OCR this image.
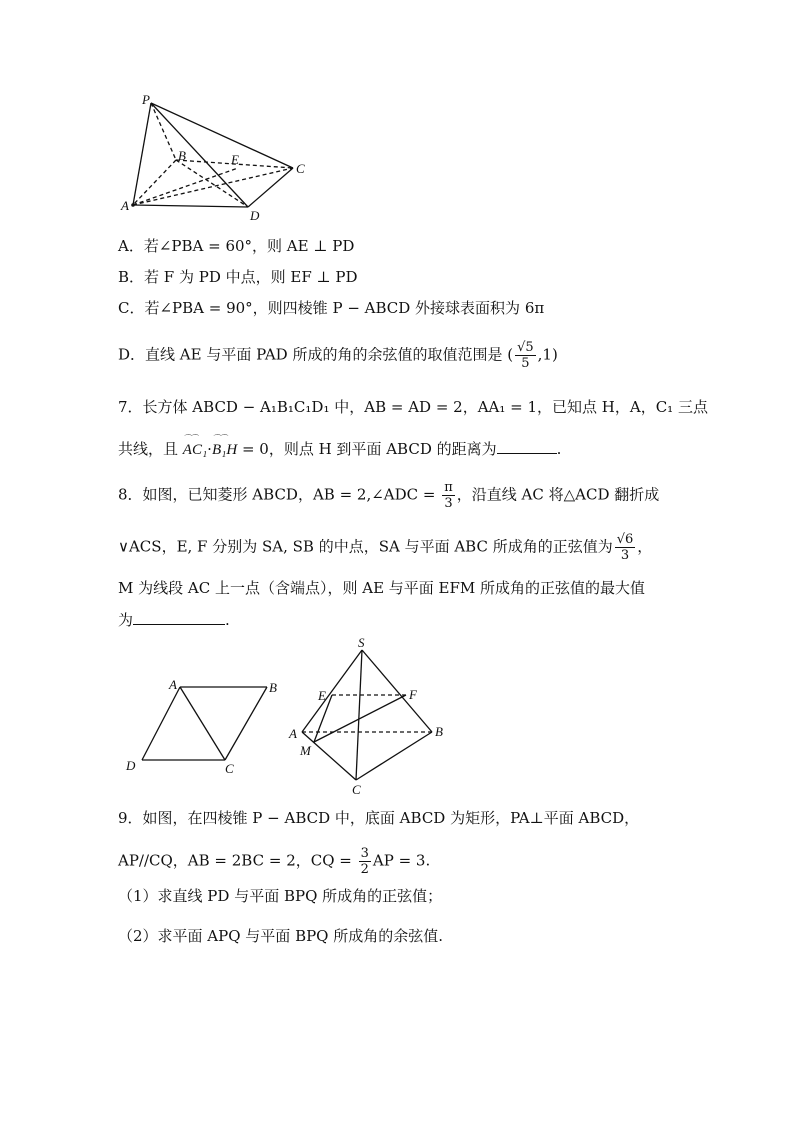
P
B	E
C
A
D
A．若∠PBA = 60°，则 AE ⊥ PD
B．若 F 为 PD 中点，则 EF ⊥ PD
C．若∠PBA = 90°，则四棱锥 P − ABCD 外接球表面积为 6π
D．直线 AE 与平面 PAD 所成的角的余弦值的取值范围是 ( $\frac{√5}{5} ,1$)
7．长方体 ABCD − A₁B₁C₁D₁ 中，AB = AD = 2，AA₁ = 1，已知点 H，A，C₁ 三点
共线，且 ⌒⌒ AC₁·⌒⌒ B₁H = 0，则点 H 到平面 ABCD 的距离为	.
8．如图，已知菱形 ABCD，AB = 2,∠ADC = $\frac{\pi}{3}$ ，沿直线 AC 将△ACD 翻折成
∨ACS，E, F 分别为 SA, SB 的中点，SA 与平面 ABC 所成角的正弦值为 $\frac{√6}{3}$ ，
M 为线段 AC 上一点（含端点），则 AE 与平面 EFM 所成角的正弦值的最大值
为	.
A	B
D	C
S
E	F
A
M
B
C
9．如图，在四棱锥 P − ABCD 中，底面 ABCD 为矩形，PA⊥平面 ABCD，
AP//CQ，AB = 2BC = 2，CQ = $\frac{3}{2}$ AP = 3.
（1）求直线 PD 与平面 BPQ 所成角的正弦值；
（2）求平面 APQ 与平面 BPQ 所成角的余弦值.
